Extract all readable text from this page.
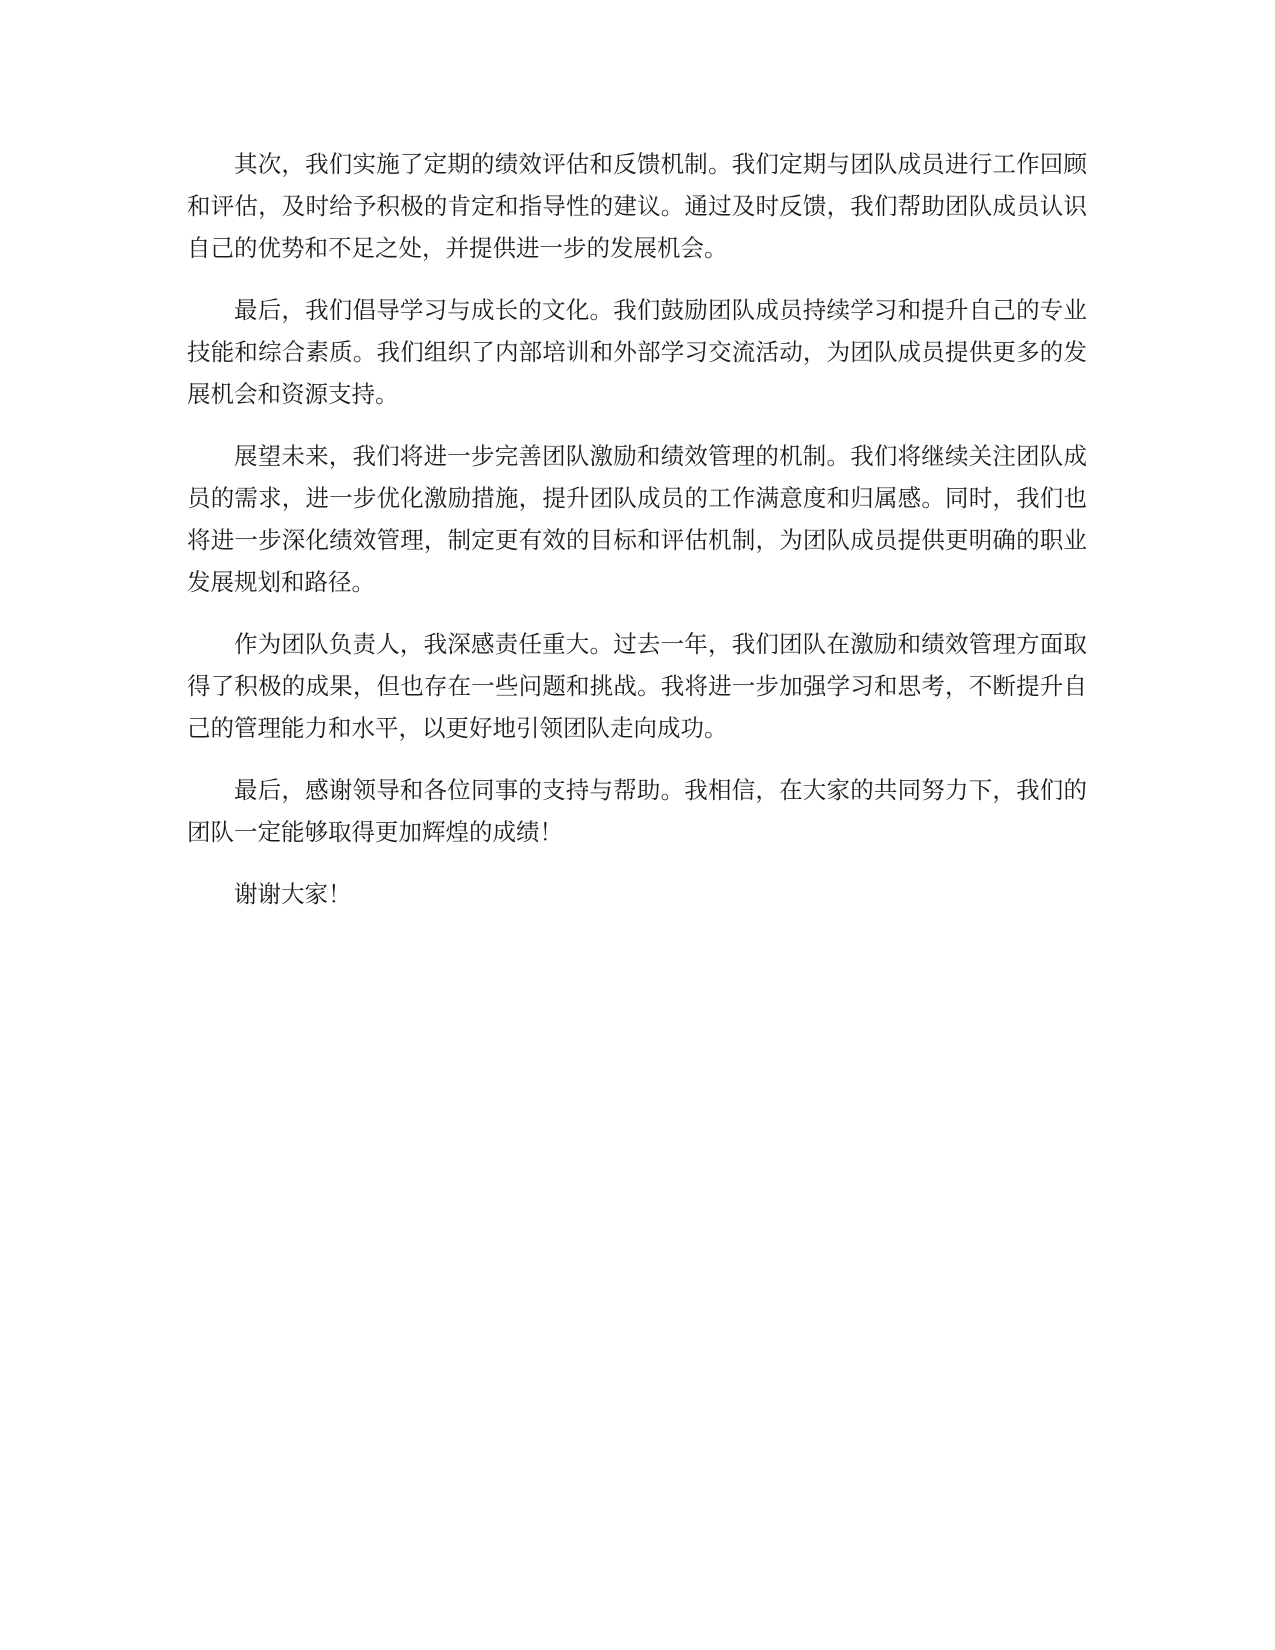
其次，我们实施了定期的绩效评估和反馈机制。我们定期与团队成员进行工作回顾和评估，及时给予积极的肯定和指导性的建议。通过及时反馈，我们帮助团队成员认识自己的优势和不足之处，并提供进一步的发展机会。

最后，我们倡导学习与成长的文化。我们鼓励团队成员持续学习和提升自己的专业技能和综合素质。我们组织了内部培训和外部学习交流活动，为团队成员提供更多的发展机会和资源支持。

展望未来，我们将进一步完善团队激励和绩效管理的机制。我们将继续关注团队成员的需求，进一步优化激励措施，提升团队成员的工作满意度和归属感。同时，我们也将进一步深化绩效管理，制定更有效的目标和评估机制，为团队成员提供更明确的职业发展规划和路径。

作为团队负责人，我深感责任重大。过去一年，我们团队在激励和绩效管理方面取得了积极的成果，但也存在一些问题和挑战。我将进一步加强学习和思考，不断提升自己的管理能力和水平，以更好地引领团队走向成功。

最后，感谢领导和各位同事的支持与帮助。我相信，在大家的共同努力下，我们的团队一定能够取得更加辉煌的成绩！

谢谢大家！
